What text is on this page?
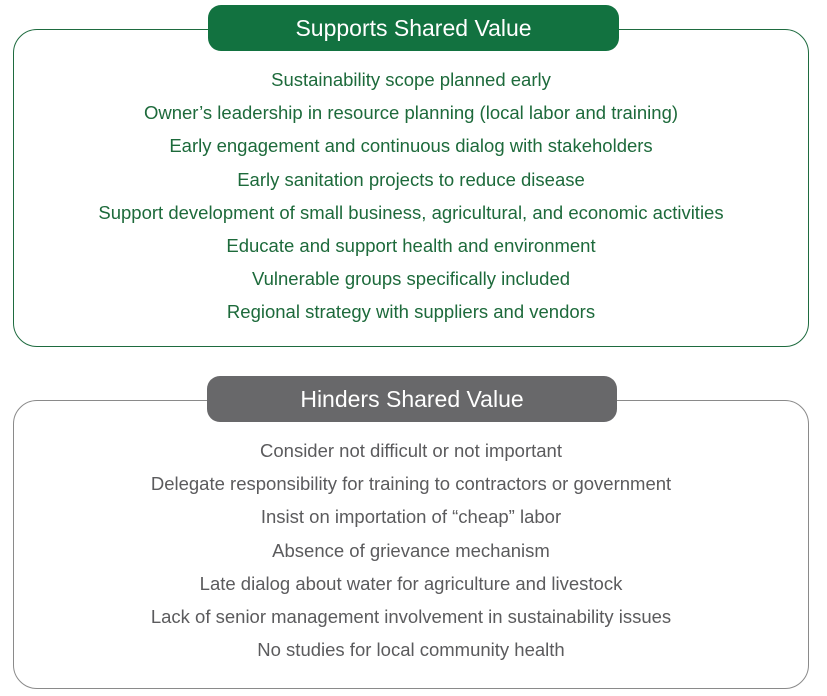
Supports Shared Value
Sustainability scope planned early
Owner’s leadership in resource planning (local labor and training)
Early engagement and continuous dialog with stakeholders
Early sanitation projects to reduce disease
Support development of small business, agricultural, and economic activities
Educate and support health and environment
Vulnerable groups specifically included
Regional strategy with suppliers and vendors
Hinders Shared Value
Consider not difficult or not important
Delegate responsibility for training to contractors or government
Insist on importation of “cheap” labor
Absence of grievance mechanism
Late dialog about water for agriculture and livestock
Lack of senior management involvement in sustainability issues
No studies for local community health
